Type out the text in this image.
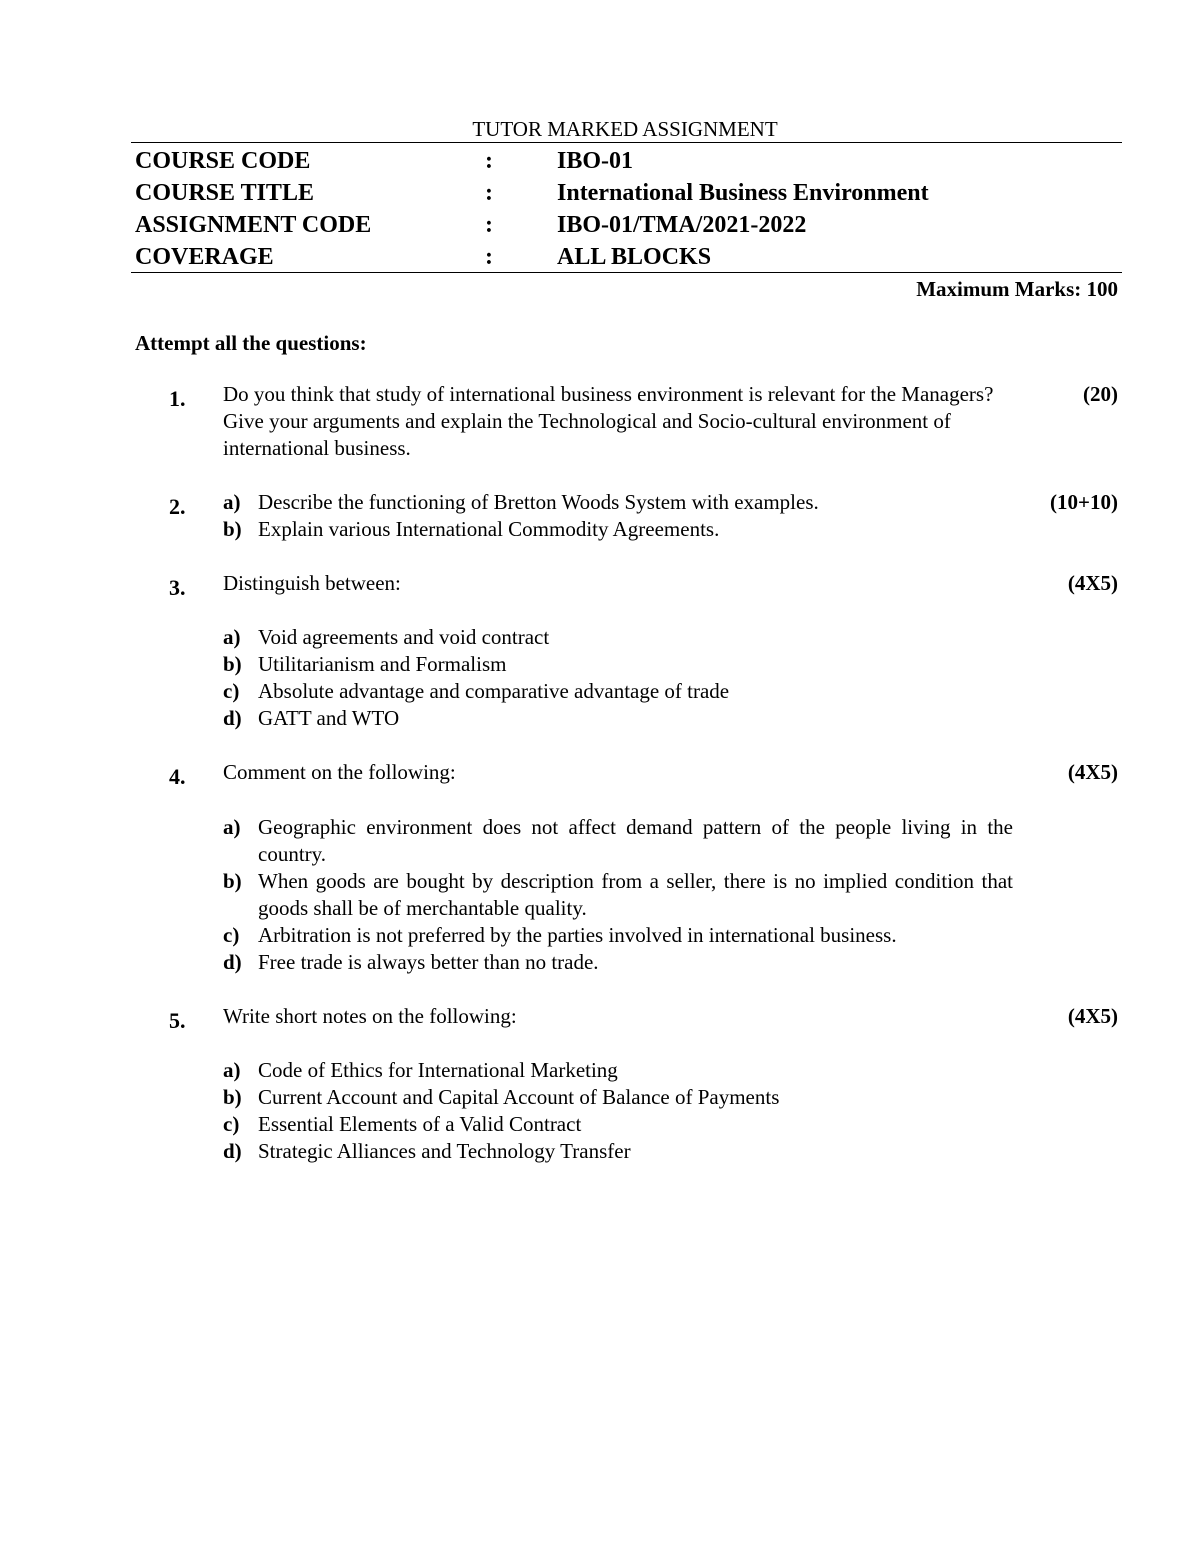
TUTOR MARKED ASSIGNMENT
COURSE CODE	:	IBO-01
COURSE TITLE	:	International Business Environment
ASSIGNMENT CODE	:	IBO-01/TMA/2021-2022
COVERAGE	:	ALL BLOCKS
Maximum Marks: 100
Attempt all the questions:
1. Do you think that study of international business environment is relevant for the Managers? Give your arguments and explain the Technological and Socio-cultural environment of international business.
(20)
2.	(10+10)
a) Describe the functioning of Bretton Woods System with examples.
b) Explain various International Commodity Agreements.
3. Distinguish between:	(4X5)
a) Void agreements and void contract
b) Utilitarianism and Formalism
c) Absolute advantage and comparative advantage of trade
d) GATT and WTO
4. Comment on the following:	(4X5)
a) Geographic environment does not affect demand pattern of the people living in the country.
b) When goods are bought by description from a seller, there is no implied condition that goods shall be of merchantable quality.
c) Arbitration is not preferred by the parties involved in international business.
d) Free trade is always better than no trade.
5. Write short notes on the following:	(4X5)
a) Code of Ethics for International Marketing
b) Current Account and Capital Account of Balance of Payments
c) Essential Elements of a Valid Contract
d) Strategic Alliances and Technology Transfer
